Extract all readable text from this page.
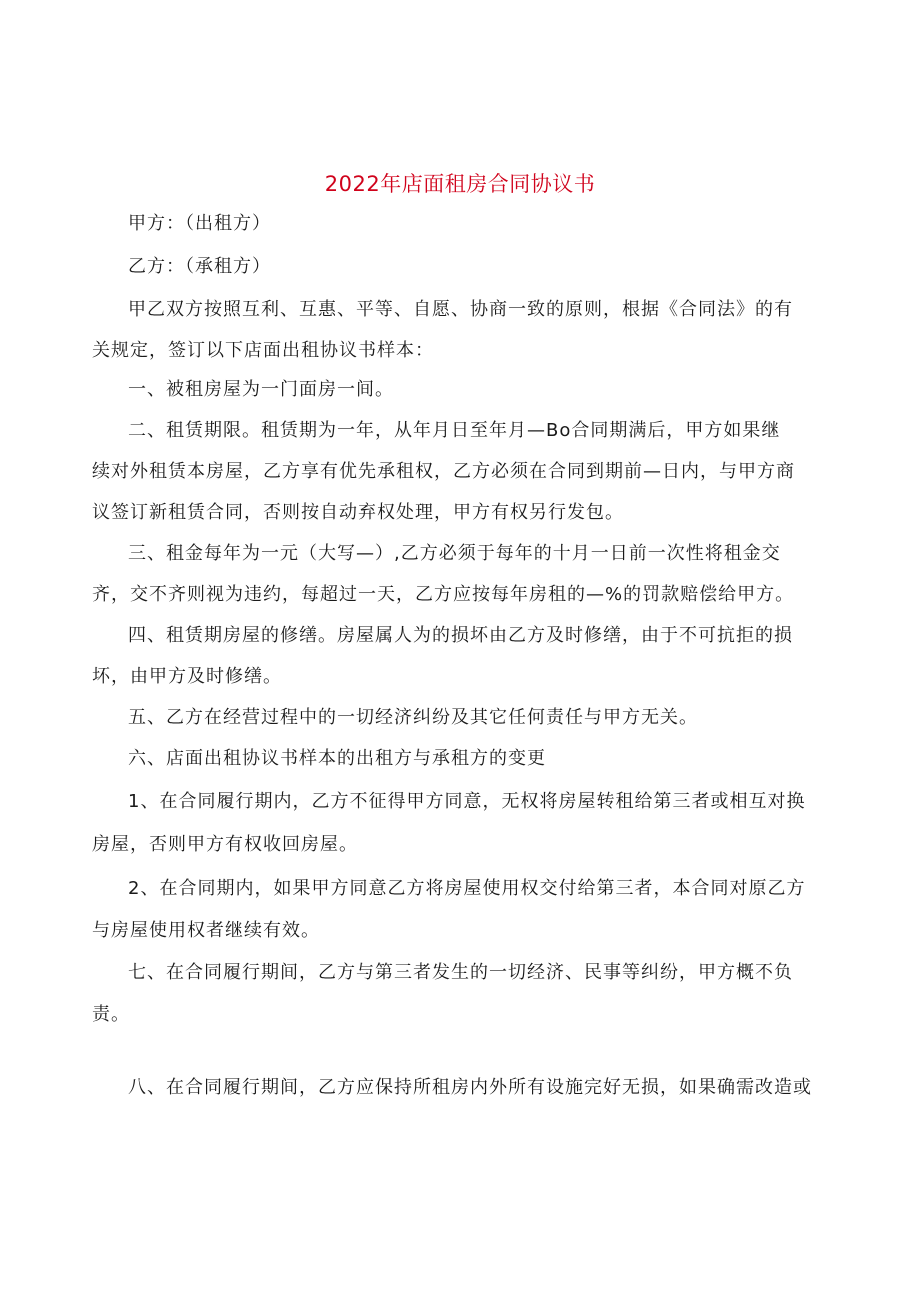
2022年店面租房合同协议书
甲方：（出租方）
乙方：（承租方）
甲乙双方按照互利、互惠、平等、自愿、协商一致的原则，根据《合同法》的有
关规定，签订以下店面出租协议书样本：
一、被租房屋为一门面房一间。
二、租赁期限。租赁期为一年，从年月日至年月—Bo合同期满后，甲方如果继
续对外租赁本房屋，乙方享有优先承租权，乙方必须在合同到期前—日内，与甲方商
议签订新租赁合同，否则按自动弃权处理，甲方有权另行发包。
三、租金每年为一元（大写—）,乙方必须于每年的十月一日前一次性将租金交
齐，交不齐则视为违约，每超过一天，乙方应按每年房租的—%的罚款赔偿给甲方。
四、租赁期房屋的修缮。房屋属人为的损坏由乙方及时修缮，由于不可抗拒的损
坏，由甲方及时修缮。
五、乙方在经营过程中的一切经济纠纷及其它任何责任与甲方无关。
六、店面出租协议书样本的出租方与承租方的变更
1、在合同履行期内，乙方不征得甲方同意，无权将房屋转租给第三者或相互对换
房屋，否则甲方有权收回房屋。
2、在合同期内，如果甲方同意乙方将房屋使用权交付给第三者，本合同对原乙方
与房屋使用权者继续有效。
七、在合同履行期间，乙方与第三者发生的一切经济、民事等纠纷，甲方概不负
责。
八、在合同履行期间，乙方应保持所租房内外所有设施完好无损，如果确需改造或
